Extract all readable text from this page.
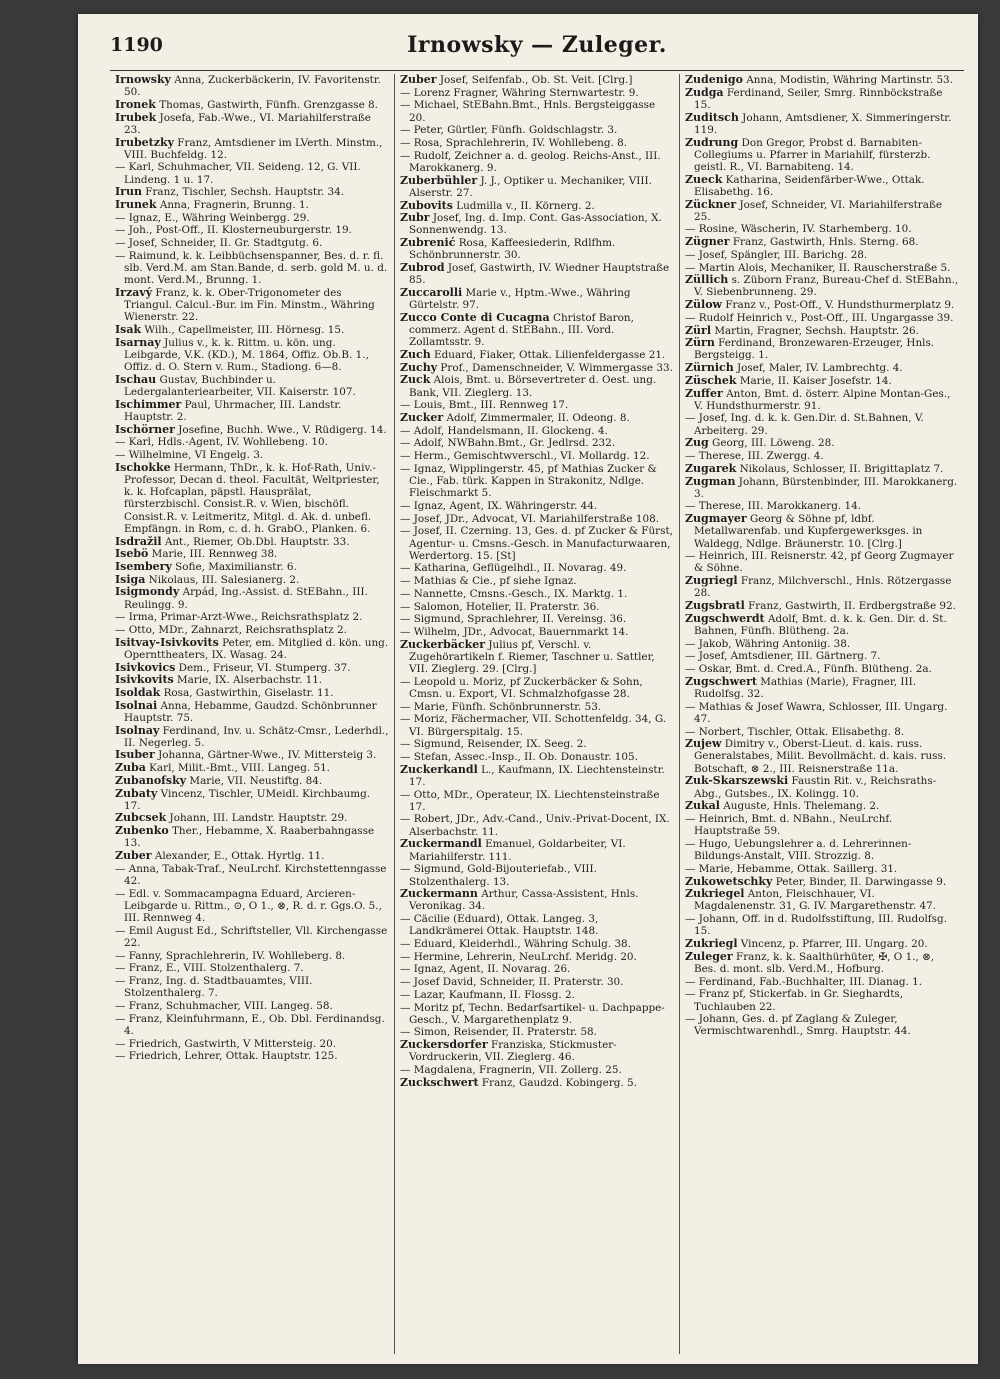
1190	Irnowsky — Zuleger.
Irnowsky Anna, Zuckerbäckerin, IV. Favoritenstr. 50.
Ironek Thomas, Gastwirth, Fünfh. Grenzgasse 8.
Irubek Josefa, Fab.-Wwe., VI. Mariahilferstraße 23.
Irubetzky Franz, Amtsdiener im LVerth. Minstm., VIII. Buchfeldg. 12.
— Karl, Schuhmacher, VII. Seideng. 12, G. VII. Lindeng. 1 u. 17.
Irun Franz, Tischler, Sechsh. Hauptstr. 34.
Irunek Anna, Fragnerin, Brunng. 1.
— Ignaz, E., Währing Weinbergg. 29.
— Joh., Post-Off., II. Klosterneuburgerstr. 19.
— Josef, Schneider, II. Gr. Stadtgutg. 6.
— Raimund, k. k. Leibbüchsenspanner, Bes. d. r. fl. slb. Verd.M. am Stan.Bande, d. serb. gold M. u. d. mont. Verd.M., Brunng. 1.
Irzavý Franz, k. k. Ober-Trigonometer des Triangul. Calcul.-Bur. im Fin. Minstm., Währing Wienerstr. 22.
Isak Wilh., Capellmeister, III. Hörnesg. 15.
Isarnay Julius v., k. k. Rittm. u. kön. ung. Leibgarde, V.K. (KD.), M. 1864, Offiz. Ob.B. 1., Offiz. d. O. Stern v. Rum., Stadiong. 6—8.
Ischau Gustav, Buchbinder u. Ledergalanteriearbeiter, VII. Kaiserstr. 107.
Ischimmer Paul, Uhrmacher, III. Landstr. Hauptstr. 2.
Ischörner Josefine, Buchh. Wwe., V. Rüdigerg. 14.
— Karl, Hdls.-Agent, IV. Wohllebeng. 10.
— Wilhelmine, VI Engelg. 3.
Ischokke Hermann, ThDr., k. k. Hof-Rath, Univ.-Professor, Decan d. theol. Facultät, Weltpriester, k. k. Hofcaplan, päpstl. Hausprälat, fürsterzbischl. Consist.R. v. Wien, bischöfl. Consist.R. v. Leitmeritz, Mitgl. d. Ak. d. unbefl. Empfängn. in Rom, c. d. h. GrabO., Planken. 6.
Isdražil Ant., Riemer, Ob.Dbl. Hauptstr. 33.
Isebö Marie, III. Rennweg 38.
Isembery Sofie, Maximilianstr. 6.
Isiga Nikolaus, III. Salesianerg. 2.
Isigmondy Arpád, Ing.-Assist. d. StEBahn., III. Reulingg. 9.
— Irma, Primar-Arzt-Wwe., Reichsrathsplatz 2.
— Otto, MDr., Zahnarzt, Reichsrathsplatz 2.
Isitvay-Isivkovits Peter, em. Mitglied d. kön. ung. Opernttheaters, IX. Wasag. 24.
Isivkovics Dem., Friseur, VI. Stumperg. 37.
Isivkovits Marie, IX. Alserbachstr. 11.
Isoldak Rosa, Gastwirthin, Giselastr. 11.
Isolnai Anna, Hebamme, Gaudzd. Schönbrunner Hauptstr. 75.
Isolnay Ferdinand, Inv. u. Schätz-Cmsr., Lederhdl., II. Negerleg. 5.
Isuber Johanna, Gärtner-Wwe., IV. Mittersteig 3.
Zuba Karl, Milit.-Bmt., VIII. Langeg. 51.
Zubanofsky Marie, VII. Neustiftg. 84.
Zubaty Vincenz, Tischler, UMeidl. Kirchbaumg. 17.
Zubcsek Johann, III. Landstr. Hauptstr. 29.
Zubenko Ther., Hebamme, X. Raaberbahngasse 13.
Zuber Alexander, E., Ottak. Hyrtlg. 11.
— Anna, Tabak-Traf., NeuLrchf. Kirchstettenngasse 42.
— Edl. v. Sommacampagna Eduard, Arcieren-Leibgarde u. Rittm., ⊙, O 1., ⊗, R. d. r. Ggs.O. 5., III. Rennweg 4.
— Emil August Ed., Schriftsteller, Vll. Kirchengasse 22.
— Fanny, Sprachlehrerin, IV. Wohlleberg. 8.
— Franz, E., VIII. Stolzenthalerg. 7.
— Franz, Ing. d. Stadtbauamtes, VIII. Stolzenthalerg. 7.
— Franz, Schuhmacher, VIII. Langeg. 58.
— Franz, Kleinfuhrmann, E., Ob. Dbl. Ferdinandsg. 4.
— Friedrich, Gastwirth, V Mittersteig. 20.
— Friedrich, Lehrer, Ottak. Hauptstr. 125.
Zuber Josef, Seifenfab., Ob. St. Veit. [Clrg.]
— Lorenz Fragner, Währing Sternwartestr. 9.
— Michael, StEBahn.Bmt., Hnls. Bergsteiggasse 20.
— Peter, Gürtler, Fünfh. Goldschlagstr. 3.
— Rosa, Sprachlehrerin, IV. Wohllebeng. 8.
— Rudolf, Zeichner a. d. geolog. Reichs-Anst., III. Marokkanerg. 9.
Zuberbühler J. J., Optiker u. Mechaniker, VIII. Alserstr. 27.
Zubovits Ludmilla v., II. Körnerg. 2.
Zubr Josef, Ing. d. Imp. Cont. Gas-Association, X. Sonnenwendg. 13.
Zubrenić Rosa, Kaffeesiederin, Rdlfhm. Schönbrunnerstr. 30.
Zubrod Josef, Gastwirth, IV. Wiedner Hauptstraße 85.
Zuccarolli Marie v., Hptm.-Wwe., Währing Gürtelstr. 97.
Zucco Conte di Cucagna Christof Baron, commerz. Agent d. StEBahn., III. Vord. Zollamtsstr. 9.
Zuch Eduard, Fiaker, Ottak. Lilienfeldergasse 21.
Zuchy Prof., Damenschneider, V. Wimmergasse 33.
Zuck Alois, Bmt. u. Börsevertreter d. Oest. ung. Bank, VII. Zieglerg. 13.
— Louis, Bmt., III. Rennweg 17.
Zucker Adolf, Zimmermaler, II. Odeong. 8.
— Adolf, Handelsmann, II. Glockeng. 4.
— Adolf, NWBahn.Bmt., Gr. Jedlrsd. 232.
— Herm., Gemischtwverschl., VI. Mollardg. 12.
— Ignaz, Wipplingerstr. 45, pf Mathias Zucker & Cie., Fab. türk. Kappen in Strakonitz, Ndlge. Fleischmarkt 5.
— Ignaz, Agent, IX. Währingerstr. 44.
— Josef, JDr., Advocat, VI. Mariahilferstraße 108.
— Josef, II. Czerning. 13, Ges. d. pf Zucker & Fürst, Agentur- u. Cmsns.-Gesch. in Manufacturwaaren, Werdertorg. 15. [St]
— Katharina, Geflügelhdl., II. Novarag. 49.
— Mathias & Cie., pf siehe Ignaz.
— Nannette, Cmsns.-Gesch., IX. Marktg. 1.
— Salomon, Hotelier, II. Praterstr. 36.
— Sigmund, Sprachlehrer, II. Vereinsg. 36.
— Wilhelm, JDr., Advocat, Bauernmarkt 14.
Zuckerbäcker Julius pf, Verschl. v. Zugehörartikeln f. Riemer, Taschner u. Sattler, VII. Zieglerg. 29. [Clrg.]
— Leopold u. Moriz, pf Zuckerbäcker & Sohn, Cmsn. u. Export, VI. Schmalzhofgasse 28.
— Marie, Fünfh. Schönbrunnerstr. 53.
— Moriz, Fächermacher, VII. Schottenfeldg. 34, G. VI. Bürgerspitalg. 15.
— Sigmund, Reisender, IX. Seeg. 2.
— Stefan, Assec.-Insp., II. Ob. Donaustr. 105.
Zuckerkandl L., Kaufmann, IX. Liechtensteinstr. 17.
— Otto, MDr., Operateur, IX. Liechtensteinstraße 17.
— Robert, JDr., Adv.-Cand., Univ.-Privat-Docent, IX. Alserbachstr. 11.
Zuckermandl Emanuel, Goldarbeiter, VI. Mariahilferstr. 111.
— Sigmund, Gold-Bijouteriefab., VIII. Stolzenthalerg. 13.
Zuckermann Arthur, Cassa-Assistent, Hnls. Veronikag. 34.
— Cäcilie (Eduard), Ottak. Langeg. 3, Landkrämerei Ottak. Hauptstr. 148.
— Eduard, Kleiderhdl., Währing Schulg. 38.
— Hermine, Lehrerin, NeuLrchf. Meridg. 20.
— Ignaz, Agent, II. Novarag. 26.
— Josef David, Schneider, II. Praterstr. 30.
— Lazar, Kaufmann, II. Flossg. 2.
— Moritz pf, Techn. Bedarfsartikel- u. Dachpappe-Gesch., V. Margarethenplatz 9.
— Simon, Reisender, II. Praterstr. 58.
Zuckersdorfer Franziska, Stickmuster-Vordruckerin, VII. Zieglerg. 46.
— Magdalena, Fragnerin, VII. Zollerg. 25.
Zuckschwert Franz, Gaudzd. Kobingerg. 5.
Zudenigo Anna, Modistin, Währing Martinstr. 53.
Zudga Ferdinand, Seiler, Smrg. Rinnböckstraße 15.
Zuditsch Johann, Amtsdiener, X. Simmeringerstr. 119.
Zudrung Don Gregor, Probst d. Barnabiten-Collegiums u. Pfarrer in Mariahilf, fürsterzb. geistl. R., VI. Barnabiteng. 14.
Zueck Katharina, Seidenfärber-Wwe., Ottak. Elisabethg. 16.
Zückner Josef, Schneider, VI. Mariahilferstraße 25.
— Rosine, Wäscherin, IV. Starhemberg. 10.
Zügner Franz, Gastwirth, Hnls. Sterng. 68.
— Josef, Spängler, III. Barichg. 28.
— Martin Alois, Mechaniker, II. Rauscherstraße 5.
Züllich s. Züborn Franz, Bureau-Chef d. StEBahn., V. Siebenbrunneng. 29.
Zülow Franz v., Post-Off., V. Hundsthurmerplatz 9.
— Rudolf Heinrich v., Post-Off., III. Ungargasse 39.
Zürl Martin, Fragner, Sechsh. Hauptstr. 26.
Zürn Ferdinand, Bronzewaren-Erzeuger, Hnls. Bergsteigg. 1.
Zürnich Josef, Maler, IV. Lambrechtg. 4.
Züschek Marie, II. Kaiser Josefstr. 14.
Zuffer Anton, Bmt. d. österr. Alpine Montan-Ges., V. Hundsthurmerstr. 91.
— Josef, Ing. d. k. k. Gen.Dir. d. St.Bahnen, V. Arbeiterg. 29.
Zug Georg, III. Löweng. 28.
— Therese, III. Zwergg. 4.
Zugarek Nikolaus, Schlosser, II. Brigittaplatz 7.
Zugman Johann, Bürstenbinder, III. Marokkanerg. 3.
— Therese, III. Marokkanerg. 14.
Zugmayer Georg & Söhne pf, ldbf. Metallwarenfab. und Kupfergewerksges. in Waldegg, Ndlge. Bräunerstr. 10. [Clrg.]
— Heinrich, III. Reisnerstr. 42, pf Georg Zugmayer & Söhne.
Zugriegl Franz, Milchverschl., Hnls. Rötzergasse 28.
Zugsbratl Franz, Gastwirth, II. Erdbergstraße 92.
Zugschwerdt Adolf, Bmt. d. k. k. Gen. Dir. d. St. Bahnen, Fünfh. Blütheng. 2a.
— Jakob, Währing Antoniig. 38.
— Josef, Amtsdiener, III. Gärtnerg. 7.
— Oskar, Bmt. d. Cred.A., Fünfh. Blütheng. 2a.
Zugschwert Mathias (Marie), Fragner, III. Rudolfsg. 32.
— Mathias & Josef Wawra, Schlosser, III. Ungarg. 47.
— Norbert, Tischler, Ottak. Elisabethg. 8.
Zujew Dimitry v., Oberst-Lieut. d. kais. russ. Generalstabes, Milit. Bevollmächt. d. kais. russ. Botschaft, ⊗ 2., III. Reisnerstraße 11a.
Zuk-Skarszewski Faustin Rit. v., Reichsraths-Abg., Gutsbes., IX. Kolingg. 10.
Zukal Auguste, Hnls. Thelemang. 2.
— Heinrich, Bmt. d. NBahn., NeuLrchf. Hauptstraße 59.
— Hugo, Uebungslehrer a. d. Lehrerinnen-Bildungs-Anstalt, VIII. Strozzig. 8.
— Marie, Hebamme, Ottak. Saillerg. 31.
Zukowetschky Peter, Binder, II. Darwingasse 9.
Zukriegel Anton, Fleischhauer, VI. Magdalenenstr. 31, G. IV. Margarethenstr. 47.
— Johann, Off. in d. Rudolfsstiftung, III. Rudolfsg. 15.
Zukriegl Vincenz, p. Pfarrer, III. Ungarg. 20.
Zuleger Franz, k. k. Saalthürhüter, ✠, O 1., ⊗, Bes. d. mont. slb. Verd.M., Hofburg.
— Ferdinand, Fab.-Buchhalter, III. Dianag. 1.
— Franz pf, Stickerfab. in Gr. Sieghardts, Tuchlauben 22.
— Johann, Ges. d. pf Zaglang & Zuleger, Vermischtwarenhdl., Smrg. Hauptstr. 44.
